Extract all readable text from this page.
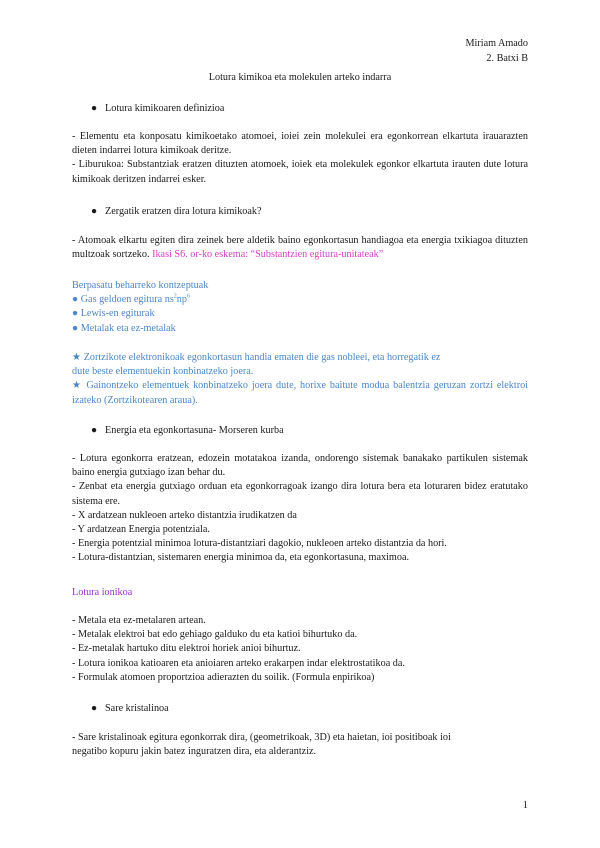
Miriam Amado
2. Batxi B
Lotura kimikoa eta molekulen arteko indarra
● Lotura kimikoaren definizioa

- Elementu eta konposatu kimikoetako atomoei, ioiei zein molekulei era egonkorrean elkartuta irauarazten dieten indarrei lotura kimikoak deritze.

- Liburukoa: Substantziak eratzen dituzten atomoek, ioiek eta molekulek egonkor elkartuta irauten dute lotura kimikoak deritzen indarrei esker.

● Zergatik eratzen dira lotura kimikoak?

- Atomoak elkartu egiten dira zeinek bere aldetik baino egonkortasun handiagoa eta energia txikiagoa dituzten multzoak sortzeko. Ikasi S6. or-ko eskema: “Substantzien egitura-unitateak”

Berpasatu beharreko kontzeptuak

● Gas geldoen egitura $ns^2np^6$

● Lewis-en egiturak

● Metalak eta ez-metalak

★ Zortzikote elektronikoak egonkortasun handia ematen die gas nobleei, eta horregatik ez

dute beste elementuekin konbinatzeko joera.

★ Gainontzeko elementuek konbinatzeko joera dute, horixe baitute modua balentzia geruzan zortzi elektroi izateko (Zortzikotearen araua).

● Energia eta egonkortasuna- Morseren kurba

- Lotura egonkorra eratzean, edozein motatakoa izanda, ondorengo sistemak banakako partikulen sistemak baino energia gutxiago izan behar du.

- Zenbat eta energia gutxiago orduan eta egonkorragoak izango dira lotura bera eta loturaren bidez eratutako sistema ere.

- X ardatzean nukleoen arteko distantzia irudikatzen da

- Y ardatzean Energia potentziala.

- Energia potentzial minimoa lotura-distantziari dagokio, nukleoen arteko distantzia da hori.

- Lotura-distantzian, sistemaren energia minimoa da, eta egonkortasuna, maximoa.

Lotura ionikoa

- Metala eta ez-metalaren artean.

- Metalak elektroi bat edo gehiago galduko du eta katioi bihurtuko da.

- Ez-metalak hartuko ditu elektroi horiek anioi bihurtuz.

- Lotura ionikoa katioaren eta anioiaren arteko erakarpen indar elektrostatikoa da.

- Formulak atomoen proportzioa adierazten du soilik. (Formula enpirikoa)

● Sare kristalinoa

- Sare kristalinoak egitura egonkorrak dira, (geometrikoak, 3D) eta haietan, ioi positiboak ioi

negatibo kopuru jakin batez inguratzen dira, eta alderantziz.

1
